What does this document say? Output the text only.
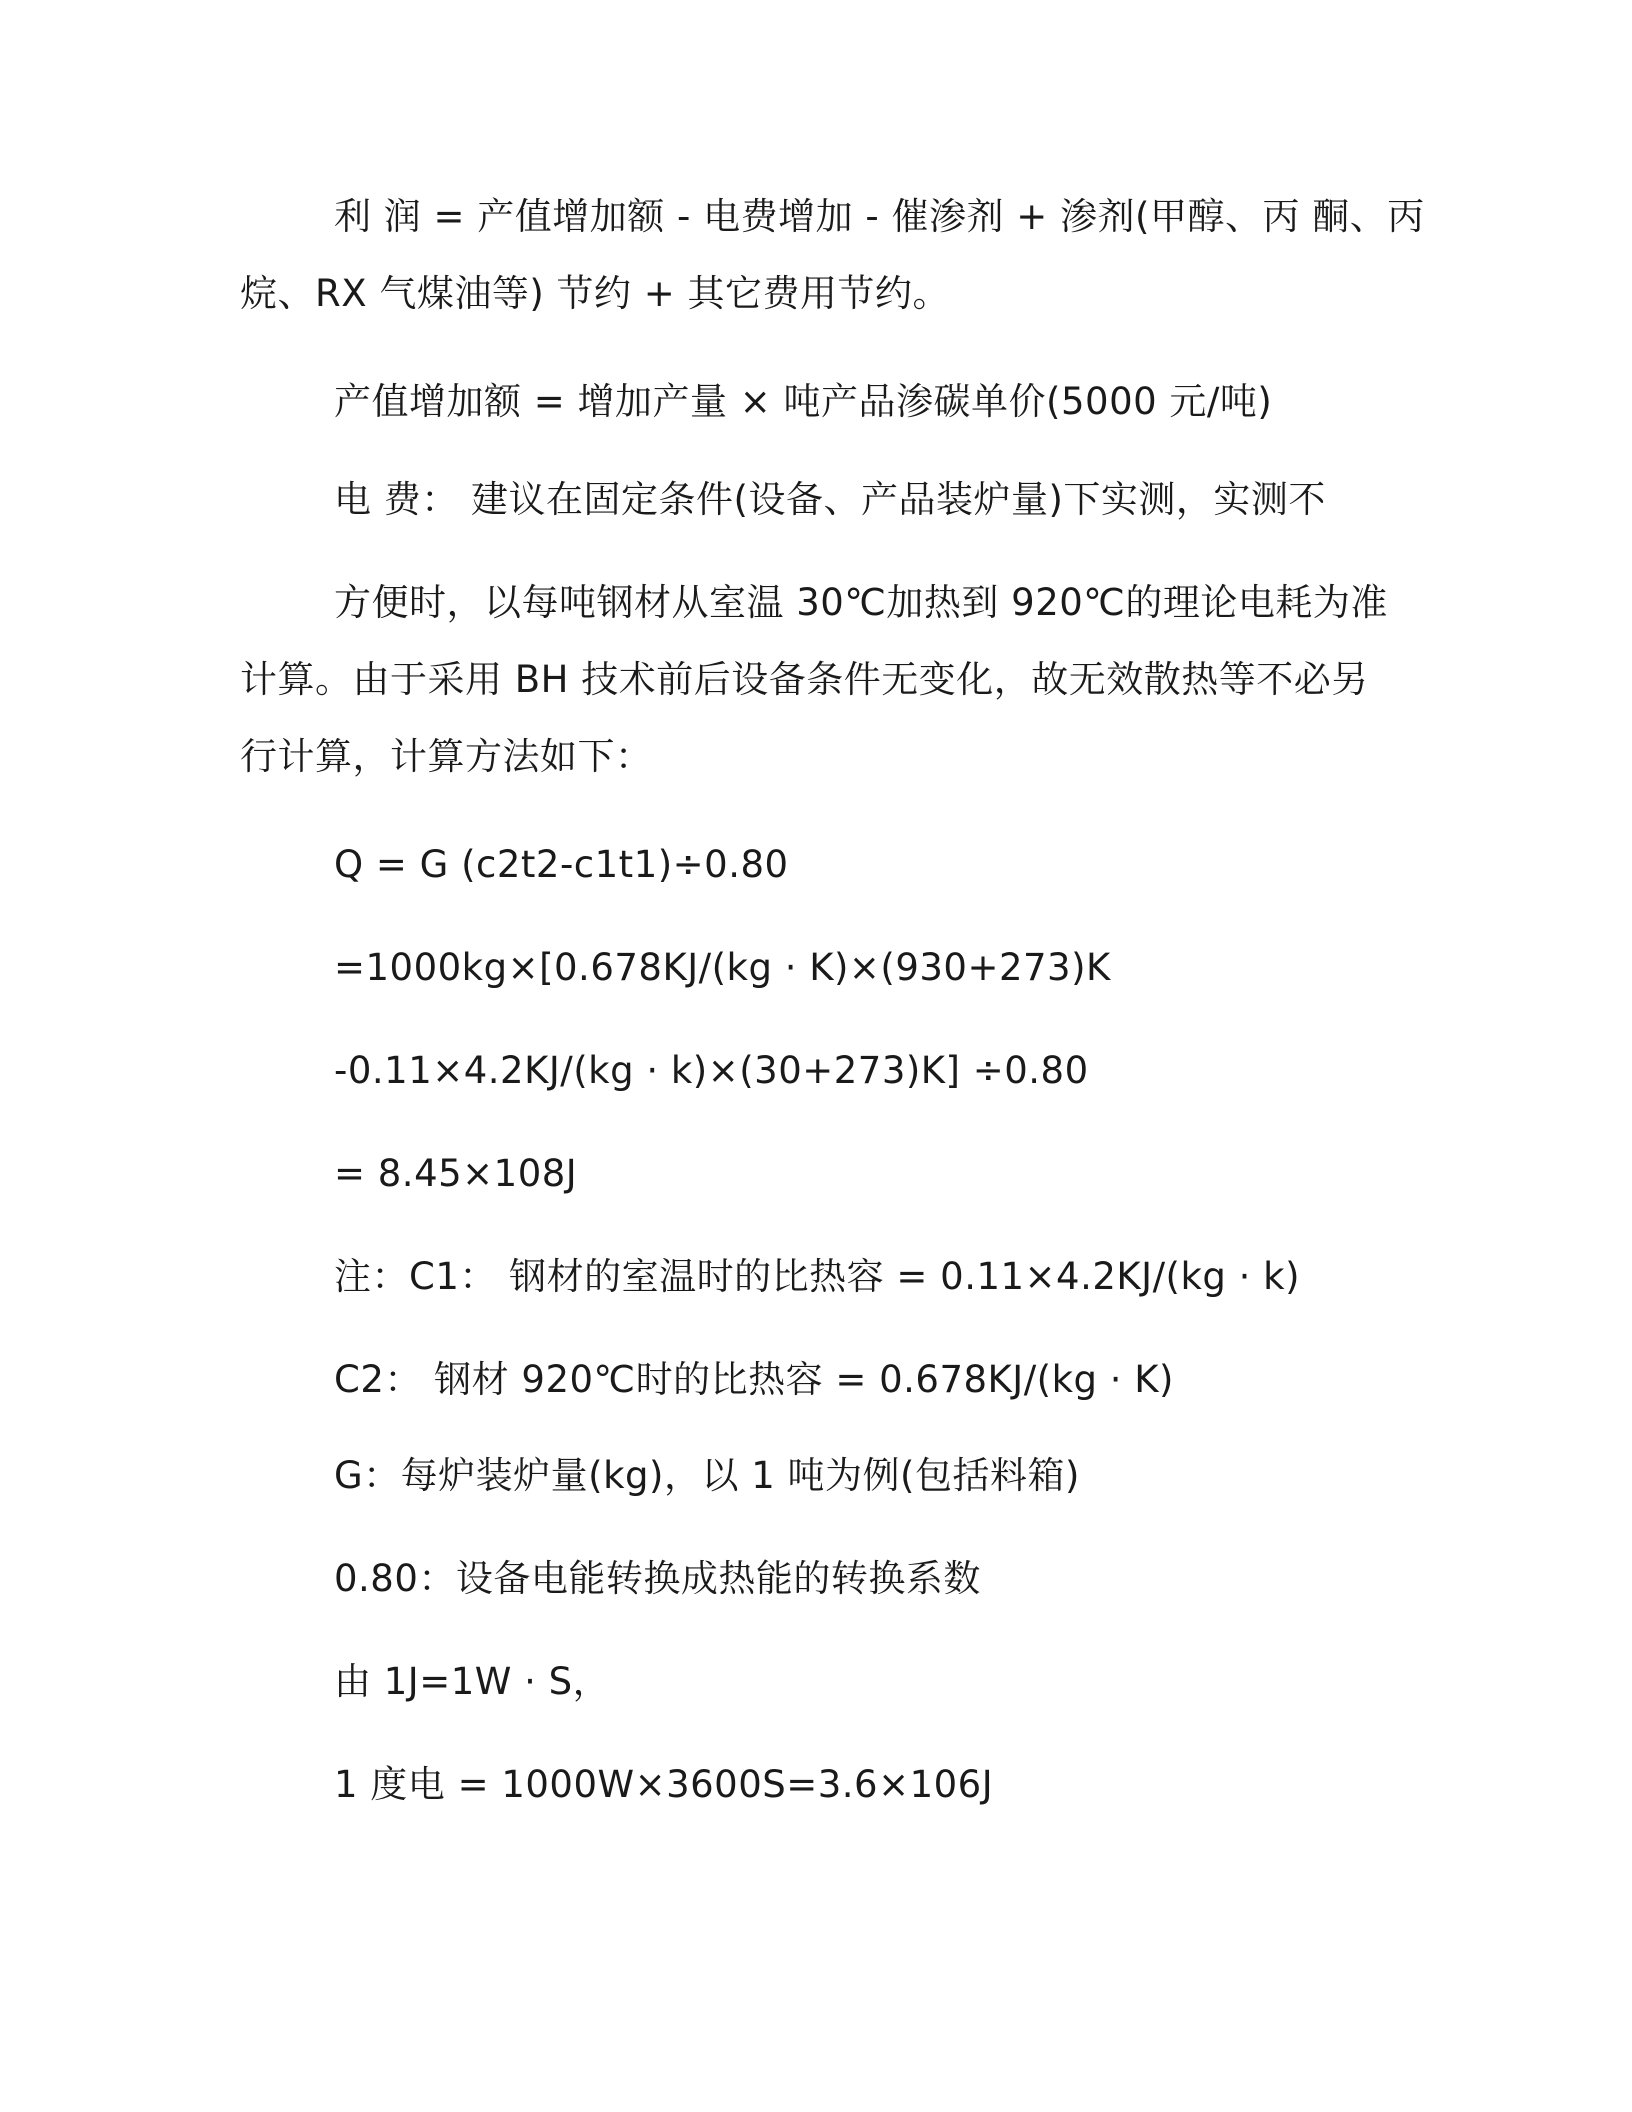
利 润 = 产值增加额 - 电费增加 - 催渗剂 + 渗剂(甲醇、丙 酮、丙
烷、RX 气煤油等) 节约 + 其它费用节约。
产值增加额 = 增加产量 × 吨产品渗碳单价(5000 元/吨)
电 费： 建议在固定条件(设备、产品装炉量)下实测，实测不
方便时，以每吨钢材从室温 30℃加热到 920℃的理论电耗为准
计算。由于采用 BH 技术前后设备条件无变化，故无效散热等不必另
行计算，计算方法如下：
Q = G (c2t2-c1t1)÷0.80
=1000kg×[0.678KJ/(kg · K)×(930+273)K
-0.11×4.2KJ/(kg · k)×(30+273)K] ÷0.80
= 8.45×108J
注：C1： 钢材的室温时的比热容 = 0.11×4.2KJ/(kg · k)
C2： 钢材 920℃时的比热容 = 0.678KJ/(kg · K)
G：每炉装炉量(kg)，以 1 吨为例(包括料箱)
0.80：设备电能转换成热能的转换系数
由 1J=1W · S，
1 度电 = 1000W×3600S=3.6×106J
